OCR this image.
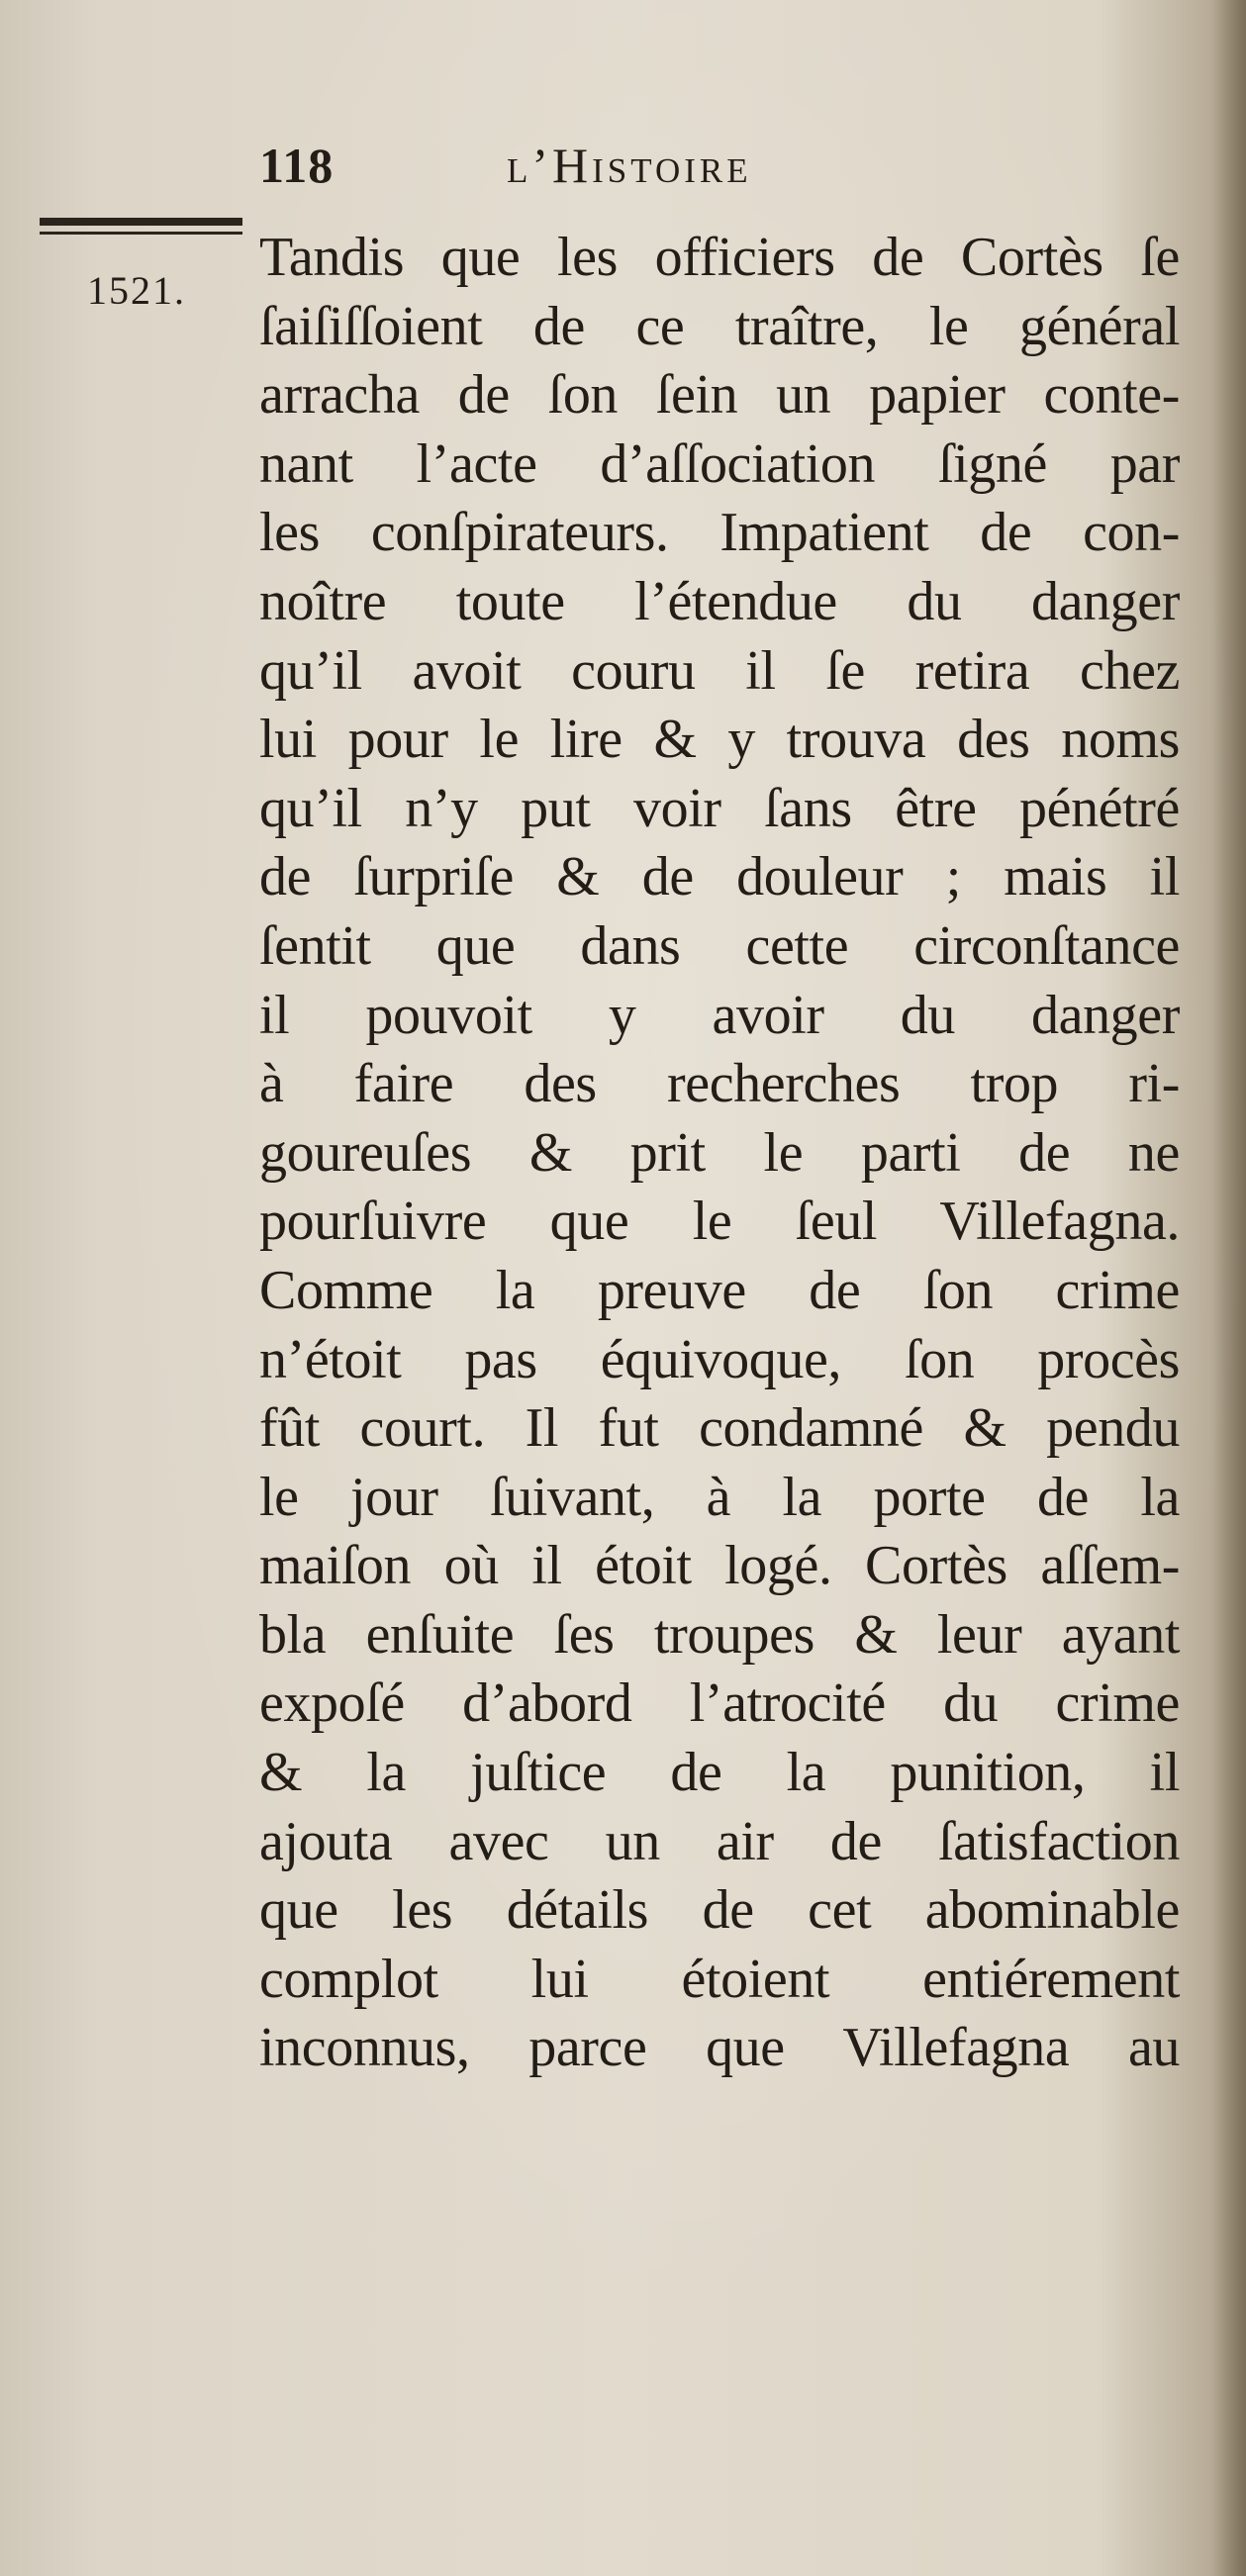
118	l’Histoire
1521.
Tandis que les officiers de Cortès ſe
ſaiſiſſoient de ce traître, le général
arracha de ſon ſein un papier conte-
nant l’acte d’aſſociation ſigné par
les conſpirateurs. Impatient de con-
noître toute l’étendue du danger
qu’il avoit couru il ſe retira chez
lui pour le lire & y trouva des noms
qu’il n’y put voir ſans être pénétré
de ſurpriſe & de douleur ; mais il
ſentit que dans cette circonſtance
il pouvoit y avoir du danger
à faire des recherches trop ri-
goureuſes & prit le parti de ne
pourſuivre que le ſeul Villefagna.
Comme la preuve de ſon crime
n’étoit pas équivoque, ſon procès
fût court. Il fut condamné & pendu
le jour ſuivant, à la porte de la
maiſon où il étoit logé. Cortès aſſem-
bla enſuite ſes troupes & leur ayant
expoſé d’abord l’atrocité du crime
& la juſtice de la punition, il
ajouta avec un air de ſatisfaction
que les détails de cet abominable
complot lui étoient entiérement
inconnus, parce que Villefagna au
